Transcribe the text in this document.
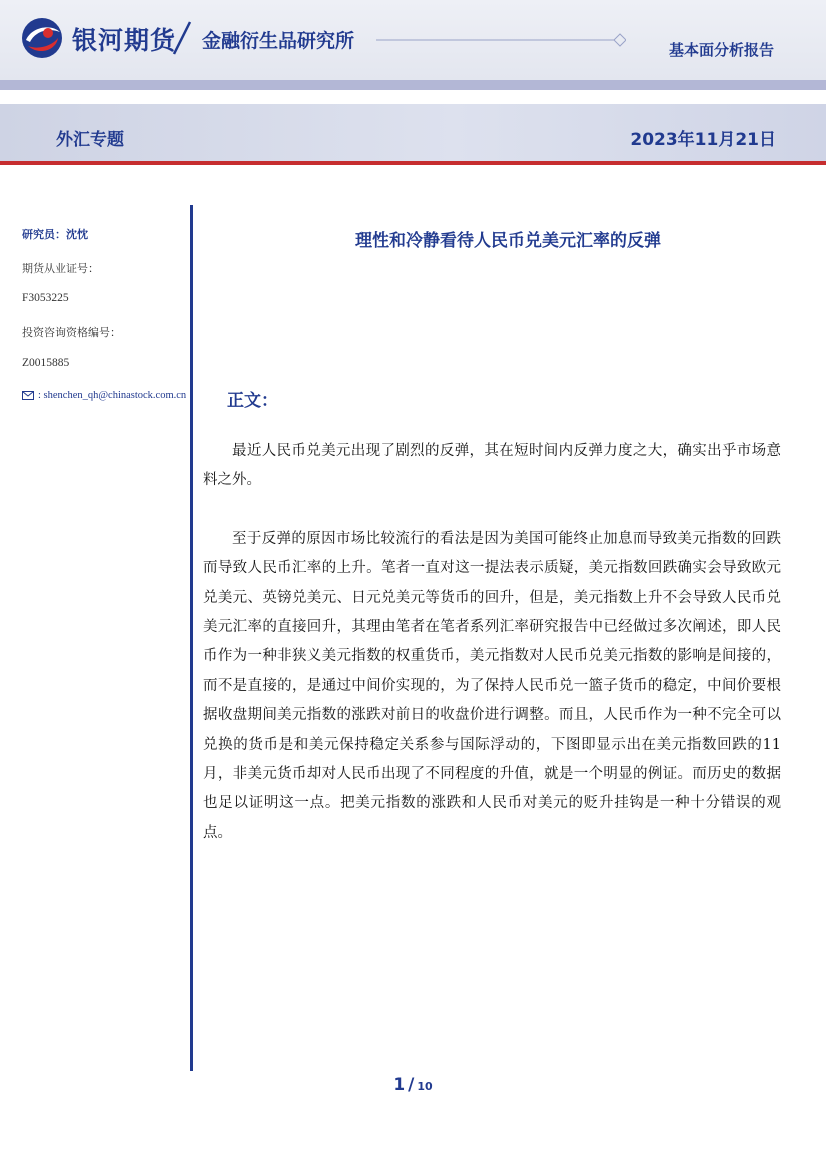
银河期货 金融衍生品研究所	基本面分析报告
外汇专题	2023年11月21日
研究员：沈忱
期货从业证号：
F3053225
投资咨询资格编号：
Z0015885
: shenchen_qh@chinastock.com.cn
理性和冷静看待人民币兑美元汇率的反弹
正文：

最近人民币兑美元出现了剧烈的反弹，其在短时间内反弹力度之大，确实出乎市场意料之外。

至于反弹的原因市场比较流行的看法是因为美国可能终止加息而导致美元指数的回跌而导致人民币汇率的上升。笔者一直对这一提法表示质疑，美元指数回跌确实会导致欧元兑美元、英镑兑美元、日元兑美元等货币的回升，但是，美元指数上升不会导致人民币兑美元汇率的直接回升，其理由笔者在笔者系列汇率研究报告中已经做过多次阐述，即人民币作为一种非狭义美元指数的权重货币，美元指数对人民币兑美元指数的影响是间接的，而不是直接的，是通过中间价实现的，为了保持人民币兑一篮子货币的稳定，中间价要根据收盘期间美元指数的涨跌对前日的收盘价进行调整。而且，人民币作为一种不完全可以兑换的货币是和美元保持稳定关系参与国际浮动的，下图即显示出在美元指数回跌的11月，非美元货币却对人民币出现了不同程度的升值，就是一个明显的例证。而历史的数据也足以证明这一点。把美元指数的涨跌和人民币对美元的贬升挂钩是一种十分错误的观点。

1 / 10
